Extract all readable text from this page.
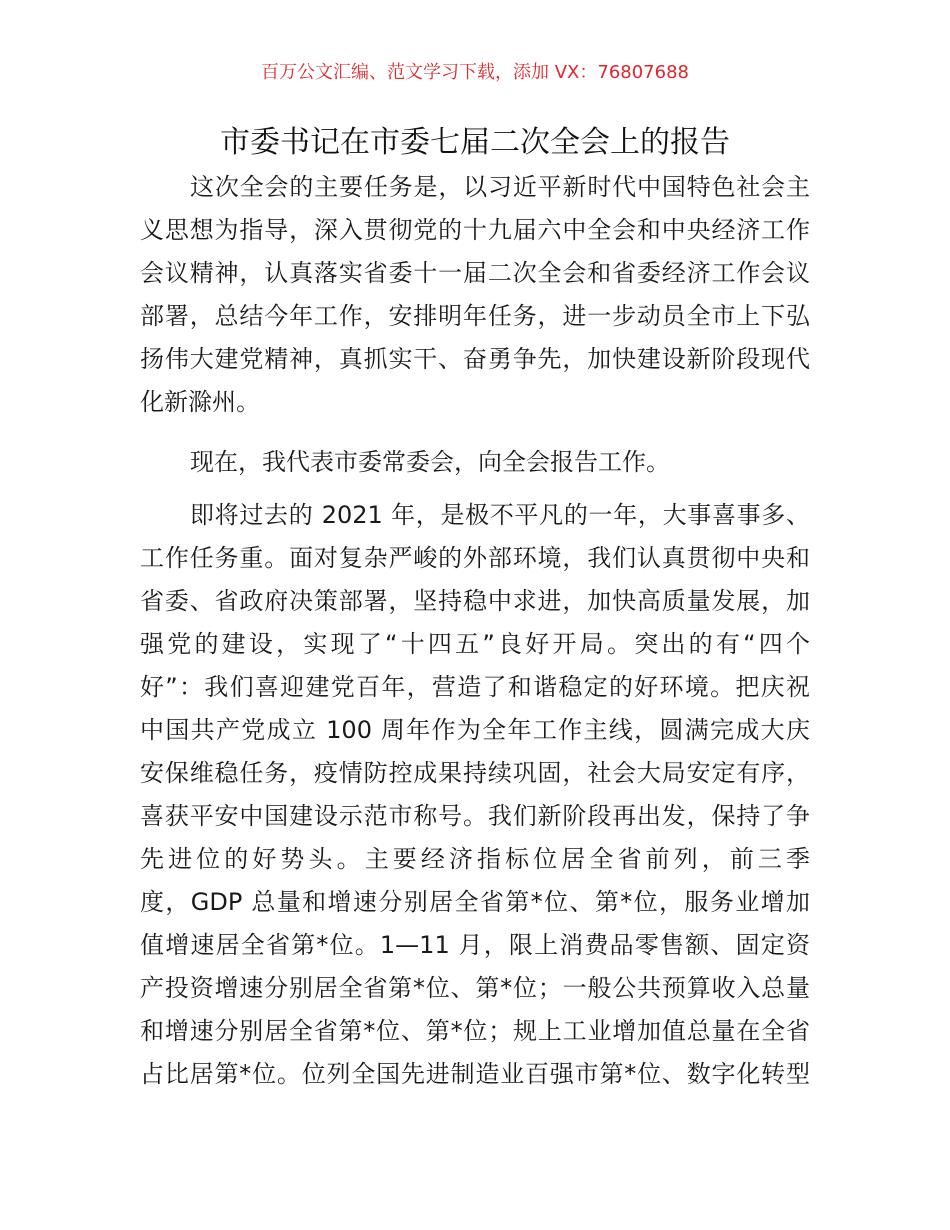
百万公文汇编、范文学习下载，添加 VX：76807688
市委书记在市委七届二次全会上的报告
这次全会的主要任务是，以习近平新时代中国特色社会主
义思想为指导，深入贯彻党的十九届六中全会和中央经济工作
会议精神，认真落实省委十一届二次全会和省委经济工作会议
部署，总结今年工作，安排明年任务，进一步动员全市上下弘
扬伟大建党精神，真抓实干、奋勇争先，加快建设新阶段现代
化新滁州。
现在，我代表市委常委会，向全会报告工作。
即将过去的 2021 年，是极不平凡的一年，大事喜事多、
工作任务重。面对复杂严峻的外部环境，我们认真贯彻中央和
省委、省政府决策部署，坚持稳中求进，加快高质量发展，加
强党的建设，实现了“十四五”良好开局。突出的有“四个
好”：我们喜迎建党百年，营造了和谐稳定的好环境。把庆祝
中国共产党成立 100 周年作为全年工作主线，圆满完成大庆
安保维稳任务，疫情防控成果持续巩固，社会大局安定有序，
喜获平安中国建设示范市称号。我们新阶段再出发，保持了争
先进位的好势头。主要经济指标位居全省前列，前三季
度，GDP 总量和增速分别居全省第*位、第*位，服务业增加
值增速居全省第*位。1—11 月，限上消费品零售额、固定资
产投资增速分别居全省第*位、第*位；一般公共预算收入总量
和增速分别居全省第*位、第*位；规上工业增加值总量在全省
占比居第*位。位列全国先进制造业百强市第*位、数字化转型
